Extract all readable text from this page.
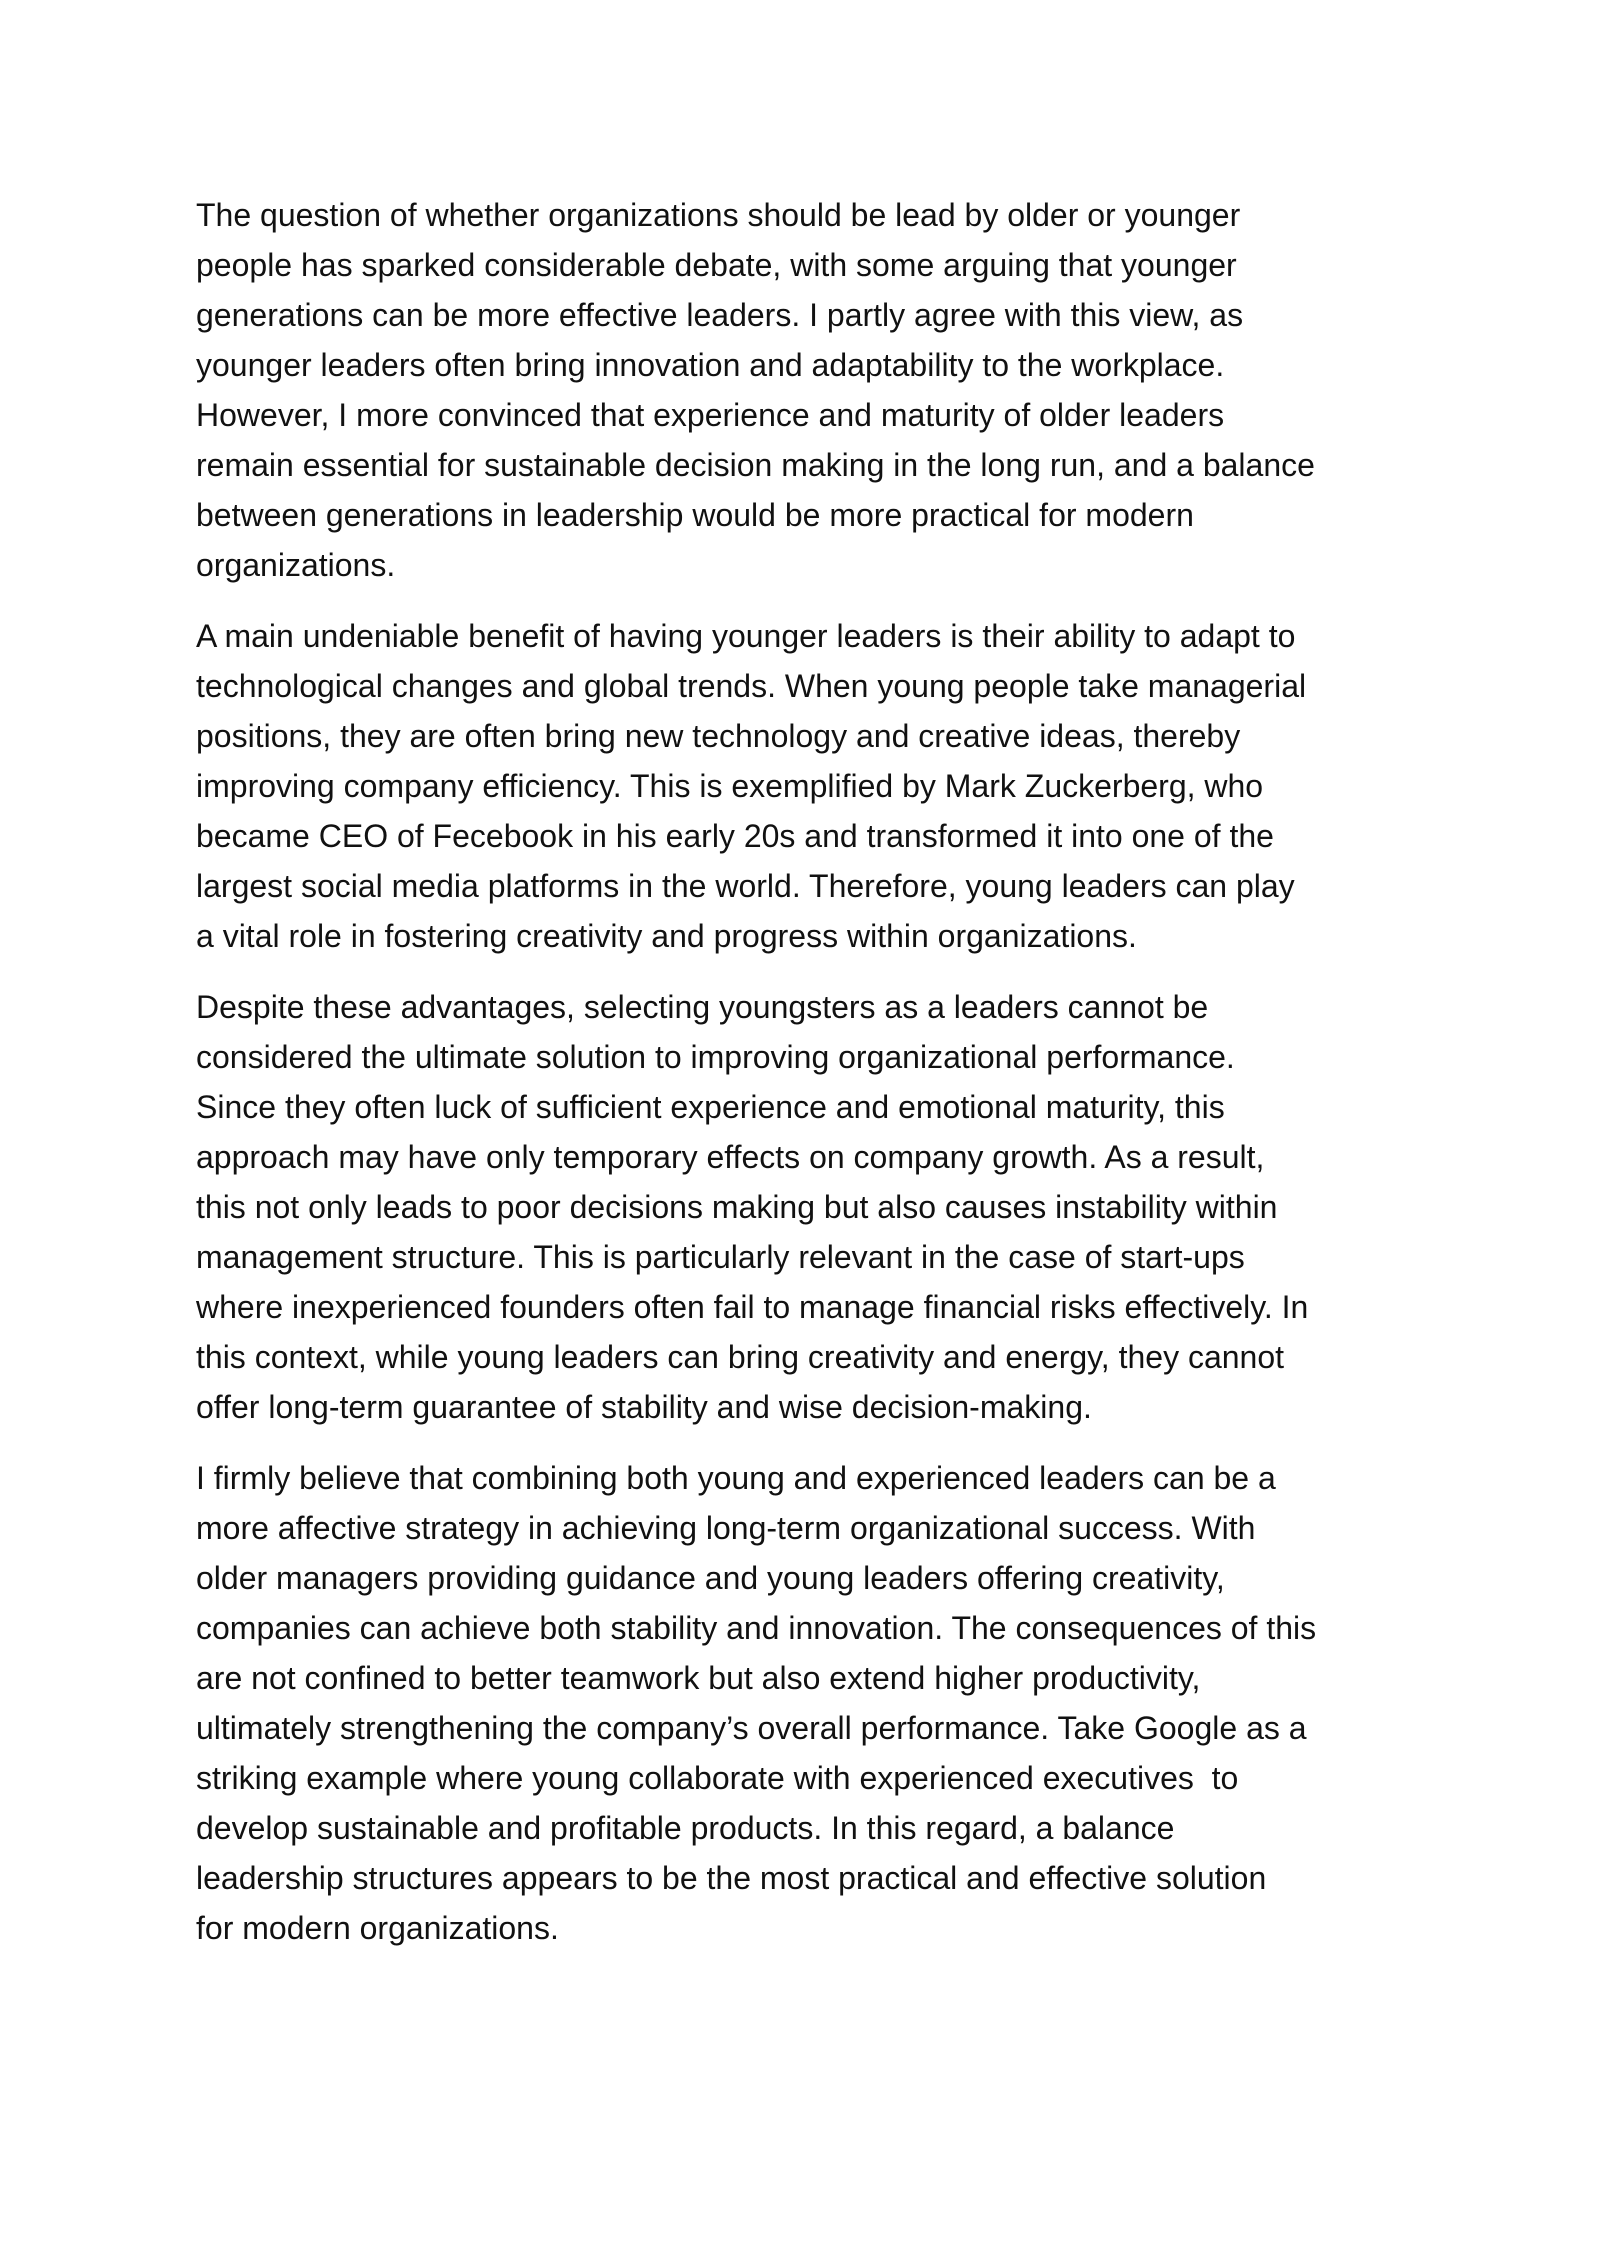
The question of whether organizations should be lead by older or younger
people has sparked considerable debate, with some arguing that younger
generations can be more effective leaders. I partly agree with this view, as
younger leaders often bring innovation and adaptability to the workplace.
However, I more convinced that experience and maturity of older leaders
remain essential for sustainable decision making in the long run, and a balance
between generations in leadership would be more practical for modern
organizations.

A main undeniable benefit of having younger leaders is their ability to adapt to
technological changes and global trends. When young people take managerial
positions, they are often bring new technology and creative ideas, thereby
improving company efficiency. This is exemplified by Mark Zuckerberg, who
became CEO of Fecebook in his early 20s and transformed it into one of the
largest social media platforms in the world. Therefore, young leaders can play
a vital role in fostering creativity and progress within organizations.

Despite these advantages, selecting youngsters as a leaders cannot be
considered the ultimate solution to improving organizational performance.
Since they often luck of sufficient experience and emotional maturity, this
approach may have only temporary effects on company growth. As a result,
this not only leads to poor decisions making but also causes instability within
management structure. This is particularly relevant in the case of start-ups
where inexperienced founders often fail to manage financial risks effectively. In
this context, while young leaders can bring creativity and energy, they cannot
offer long-term guarantee of stability and wise decision-making.

I firmly believe that combining both young and experienced leaders can be a
more affective strategy in achieving long-term organizational success. With
older managers providing guidance and young leaders offering creativity,
companies can achieve both stability and innovation. The consequences of this
are not confined to better teamwork but also extend higher productivity,
ultimately strengthening the company’s overall performance. Take Google as a
striking example where young collaborate with experienced executives  to
develop sustainable and profitable products. In this regard, a balance
leadership structures appears to be the most practical and effective solution
for modern organizations.
